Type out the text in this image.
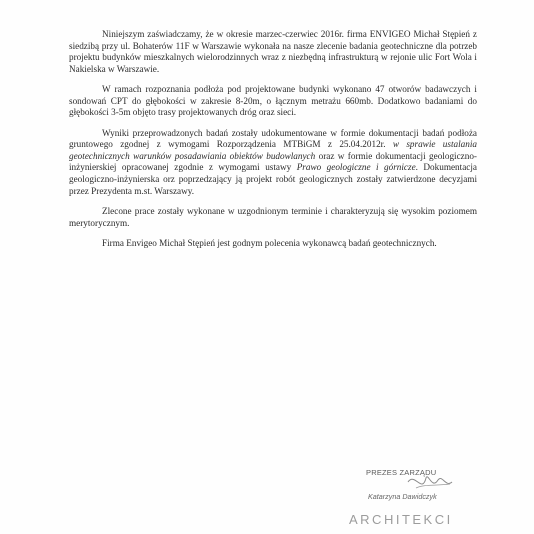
Niniejszym zaświadczamy, że w okresie marzec-czerwiec 2016r. firma ENVIGEO Michał Stępień z siedzibą przy ul. Bohaterów 11F w Warszawie wykonała na nasze zlecenie badania geotechniczne dla potrzeb projektu budynków mieszkalnych wielorodzinnych wraz z niezbędną infrastrukturą w rejonie ulic Fort Wola i Nakielska w Warszawie.

W ramach rozpoznania podłoża pod projektowane budynki wykonano 47 otworów badawczych i sondowań CPT do głębokości w zakresie 8-20m, o łącznym metrażu 660mb. Dodatkowo badaniami do głębokości 3-5m objęto trasy projektowanych dróg oraz sieci.

Wyniki przeprowadzonych badań zostały udokumentowane w formie dokumentacji badań podłoża gruntowego zgodnej z wymogami Rozporządzenia MTBiGM z 25.04.2012r. w sprawie ustalania geotechnicznych warunków posadawiania obiektów budowlanych oraz w formie dokumentacji geologiczno-inżynierskiej opracowanej zgodnie z wymogami ustawy Prawo geologiczne i górnicze. Dokumentacja geologiczno-inżynierska orz poprzedzający ją projekt robót geologicznych zostały zatwierdzone decyzjami przez Prezydenta m.st. Warszawy.

Zlecone prace zostały wykonane w uzgodnionym terminie i charakteryzują się wysokim poziomem merytorycznym.

Firma Envigeo Michał Stępień jest godnym polecenia wykonawcą badań geotechnicznych.

PREZES ZARZĄDU
Katarzyna Dawidczyk
ARCHITEKCI
